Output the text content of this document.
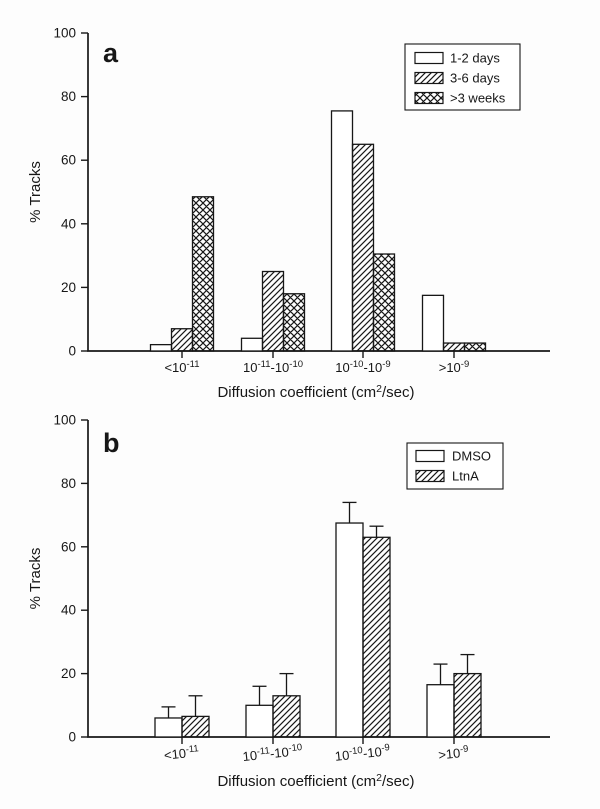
0
20
40
60
80
100
$<10^{-11}$	$10^{-11}-10^{-10}$ $10^{-10}-10^{-9}$	$>10^{-9}$
a
% Tracks
Diffusion coefficient $(cm^2/\sec)$
1-2 days
3-6 days
>3 weeks
0
20
40
60
80
100
$<10^{-11}$	$10^{-11}-10^{-10}$ $10^{-10}-10^{-9}$	$>10^{-9}$
b
% Tracks
Diffusion coefficient $(cm^2/\sec)$
DMSO
LtnA
